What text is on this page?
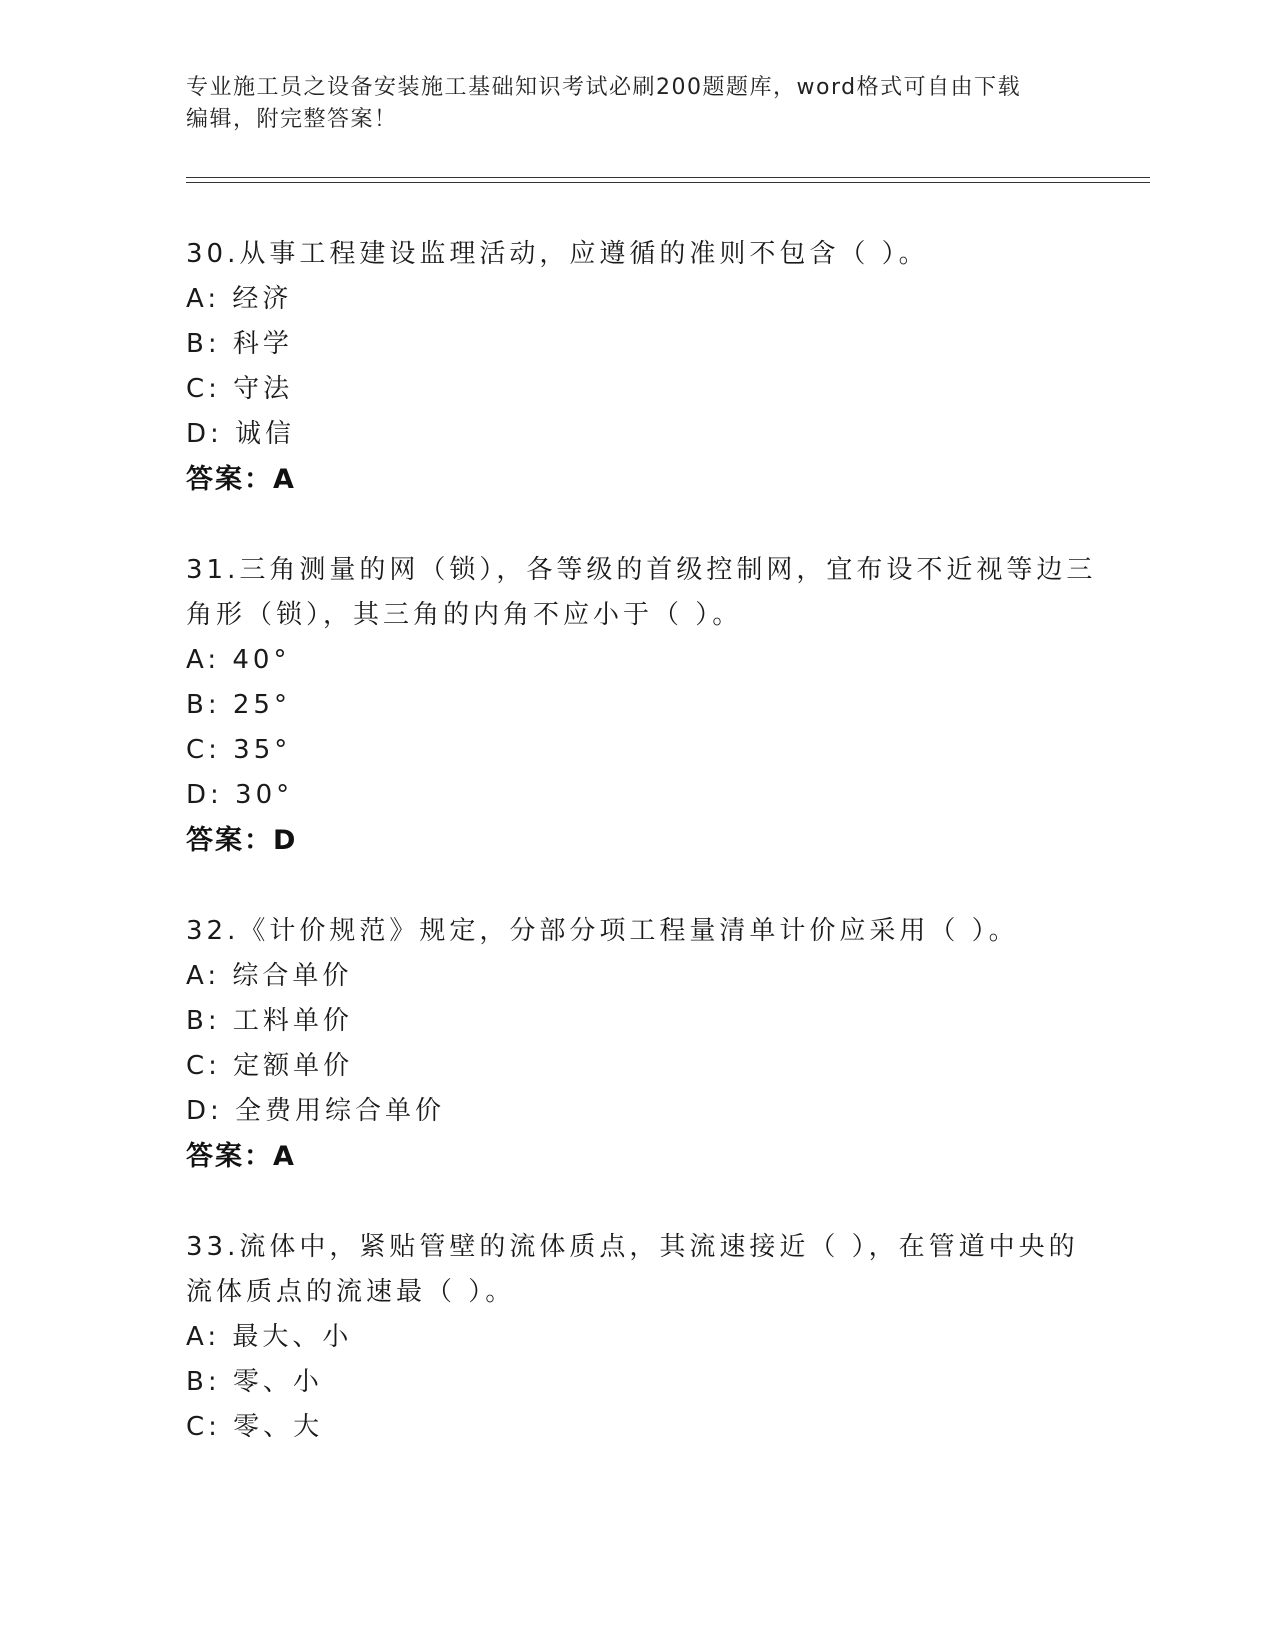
专业施工员之设备安装施工基础知识考试必刷200题题库，word格式可自由下载
编辑，附完整答案！
30.从事工程建设监理活动，应遵循的准则不包含（ ）。
A: 经济
B: 科学
C: 守法
D: 诚信
答案：A
31.三角测量的网（锁），各等级的首级控制网，宜布设不近视等边三
角形（锁），其三角的内角不应小于（ ）。
A: 40°
B: 25°
C: 35°
D: 30°
答案：D
32.《计价规范》规定，分部分项工程量清单计价应采用（ ）。
A: 综合单价
B: 工料单价
C: 定额单价
D: 全费用综合单价
答案：A
33.流体中，紧贴管壁的流体质点，其流速接近（ ），在管道中央的
流体质点的流速最（ ）。
A: 最大、小
B: 零、小
C: 零、大
